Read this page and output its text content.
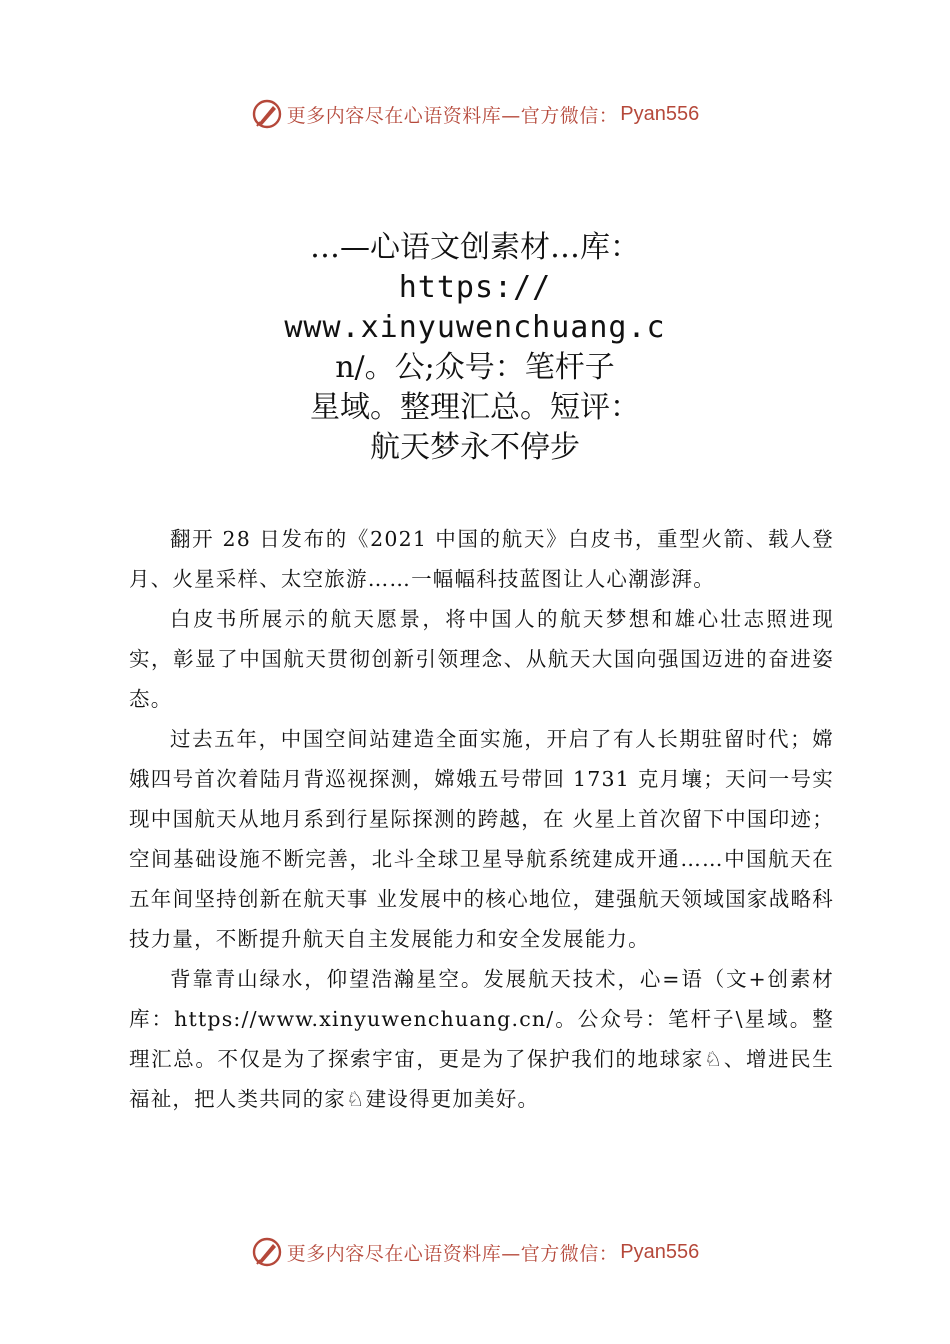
更多内容尽在心语资料库—官方微信： Pyan556
…—心语文创素材…库：
https://
www.xinyuwenchuang.c
n/。公;众号：笔杆子
星域。整理汇总。短评：
航天梦永不停步

翻开 28 日发布的《2021 中国的航天》白皮书，重型火箭、载人登月、火星采样、太空旅游……一幅幅科技蓝图让人心潮澎湃。

白皮书所展示的航天愿景，将中国人的航天梦想和雄心壮志照进现实，彰显了中国航天贯彻创新引领理念、从航天大国向强国迈进的奋进姿态。

过去五年，中国空间站建造全面实施，开启了有人长期驻留时代；嫦娥四号首次着陆月背巡视探测，嫦娥五号带回 1731 克月壤；天问一号实现中国航天从地月系到行星际探测的跨越，在 火星上首次留下中国印迹；空间基础设施不断完善，北斗全球卫星导航系统建成开通……中国航天在五年间坚持创新在航天事 业发展中的核心地位，建强航天领域国家战略科技力量，不断提升航天自主发展能力和安全发展能力。

背靠青山绿水，仰望浩瀚星空。发展航天技术，心=语（文+创素材库：https://www.xinyuwenchuang.cn/。公众号：笔杆子\星域。整理汇总。不仅是为了探索宇宙，更是为了保护我们的地球家♘、增进民生福祉，把人类共同的家♘建设得更加美好。

更多内容尽在心语资料库—官方微信： Pyan556
